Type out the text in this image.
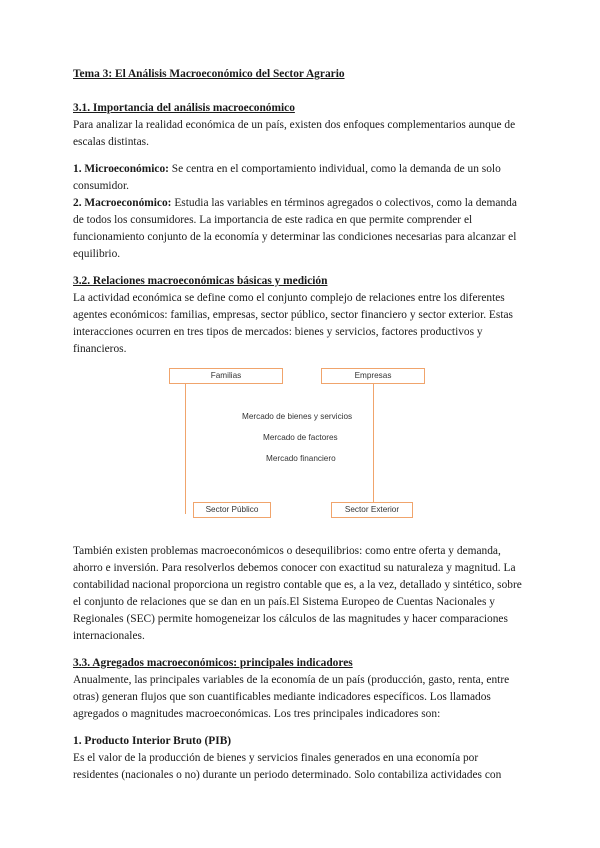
Tema 3: El Análisis Macroeconómico del Sector Agrario

3.1. Importancia del análisis macroeconómico

Para analizar la realidad económica de un país, existen dos enfoques complementarios aunque de escalas distintas.

1. Microeconómico: Se centra en el comportamiento individual, como la demanda de un solo consumidor.

2. Macroeconómico: Estudia las variables en términos agregados o colectivos, como la demanda de todos los consumidores. La importancia de este radica en que permite comprender el funcionamiento conjunto de la economía y determinar las condiciones necesarias para alcanzar el equilibrio.

3.2. Relaciones macroeconómicas básicas y medición

La actividad económica se define como el conjunto complejo de relaciones entre los diferentes agentes económicos: familias, empresas, sector público, sector financiero y sector exterior. Estas interacciones ocurren en tres tipos de mercados: bienes y servicios, factores productivos y financieros.

Familias	Empresas
Mercado de bienes y servicios
Mercado de factores
Mercado financiero
Sector Público	Sector Exterior

También existen problemas macroeconómicos o desequilibrios: como entre oferta y demanda, ahorro e inversión. Para resolverlos debemos conocer con exactitud su naturaleza y magnitud. La contabilidad nacional proporciona un registro contable que es, a la vez, detallado y sintético, sobre el conjunto de relaciones que se dan en un país.El Sistema Europeo de Cuentas Nacionales y Regionales (SEC) permite homogeneizar los cálculos de las magnitudes y hacer comparaciones internacionales.

3.3. Agregados macroeconómicos: principales indicadores

Anualmente, las principales variables de la economía de un país (producción, gasto, renta, entre otras) generan flujos que son cuantificables mediante indicadores específicos. Los llamados agregados o magnitudes macroeconómicas. Los tres principales indicadores son:

1. Producto Interior Bruto (PIB)

Es el valor de la producción de bienes y servicios finales generados en una economía por residentes (nacionales o no) durante un periodo determinado. Solo contabiliza actividades con
